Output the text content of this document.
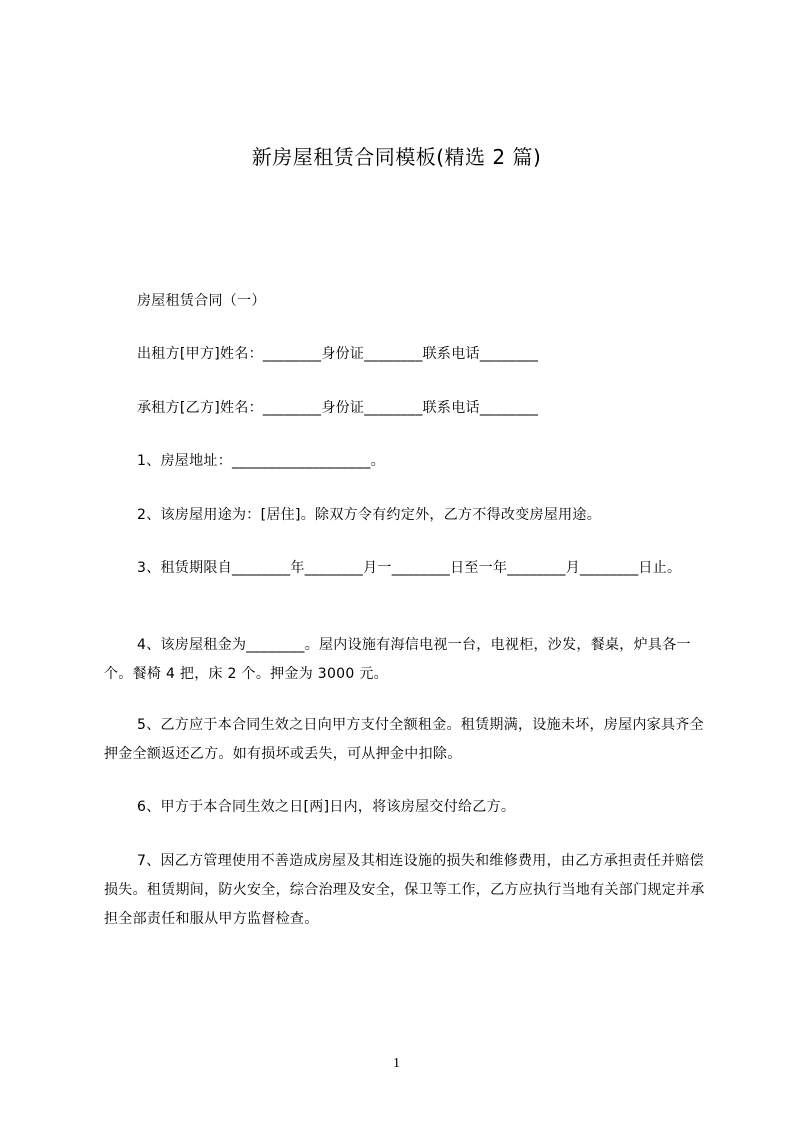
新房屋租赁合同模板(精选 2 篇)
房屋租赁合同（一）
出租方[甲方]姓名：________身份证________联系电话________
承租方[乙方]姓名：________身份证________联系电话________
1、房屋地址：___________________。
2、该房屋用途为：[居住]。除双方令有约定外，乙方不得改变房屋用途。
3、租赁期限自________年________月一________日至一年________月________日止。
4、该房屋租金为________。屋内设施有海信电视一台，电视柜，沙发，餐桌，炉具各一个。餐椅 4 把，床 2 个。押金为 3000 元。
5、乙方应于本合同生效之日向甲方支付全额租金。租赁期满，设施未坏，房屋内家具齐全押金全额返还乙方。如有损坏或丢失，可从押金中扣除。
6、甲方于本合同生效之日[两]日内，将该房屋交付给乙方。
7、因乙方管理使用不善造成房屋及其相连设施的损失和维修费用，由乙方承担责任并赔偿损失。租赁期间，防火安全，综合治理及安全，保卫等工作，乙方应执行当地有关部门规定并承担全部责任和服从甲方监督检查。
1
